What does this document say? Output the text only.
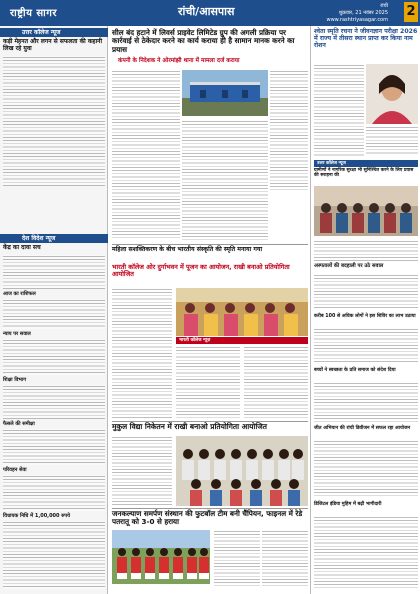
राष्ट्रीय सागर	रांची/आसपास	रांची
शुक्रवार, 21 नवंबर 2025
www.rashtriyasagar.com
2
उत्तर कॉलेज न्यूज
कड़ी मेहनत और लगन से सफलता की कहानी लिख रहे युवा
देश विदेश न्यूज
केंद्र का दावा सच
आज का राशिफल
न्याय पर सवाल
शिक्षा विभाग
फैसले की समीक्षा
परिवहन सेवा
विधायक निधि में 1,00,000 रुपये
सील बंद हटाने में लिवर्स प्राइवेट लिमिटेड ग्रुप की अगली प्रक्रिया पर कार्रवाई से ठेकेदार करने का कार्य कराया ही है सामान मानक करने का प्रयास
कंपनी के निदेशक ने ओरमांझी थाना में मामला दर्ज कराया
श्वेता स्मृति रचना ने जीवनज्ञान परीक्षा 2026 में राज्य में तीसरा स्थान प्राप्त कर किया नाम रोशन
उत्तर कॉलेज न्यूज
ग्रामीणों ने नागरिक सुरक्षा भी सुनिश्चित करने के लिए प्रयास की सराहना की
महिला सशक्तिकरण के बीच भारतीय संस्कृति की स्मृति मनाया गया
भारती कॉलेज ओर दुर्गाभवन में पूजन का आयोजन, राखी बनाओ प्रतियोगिता आयोजित
भारती कॉलेज न्यूज़
अस्पतालों की बदहाली पर उठे सवाल
करीब 100 से अधिक लोगों ने इस शिविर का लाभ उठाया
बच्चों ने स्वच्छता के प्रति समाज को संदेश दिया
जीत अभियान की रांची डिवीजन में सफल रहा आयोजन
डिजिटल इंडिया मुहिम में बढ़ी भागीदारी
मुकुल विद्या निकेतन में राखी बनाओ प्रतियोगिता आयोजित
जनकल्याण समर्पण संस्थान की फुटबॉल टीम बनी चैंपियन, फाइनल में रेडे पतरातू को 3-0 से हराया
